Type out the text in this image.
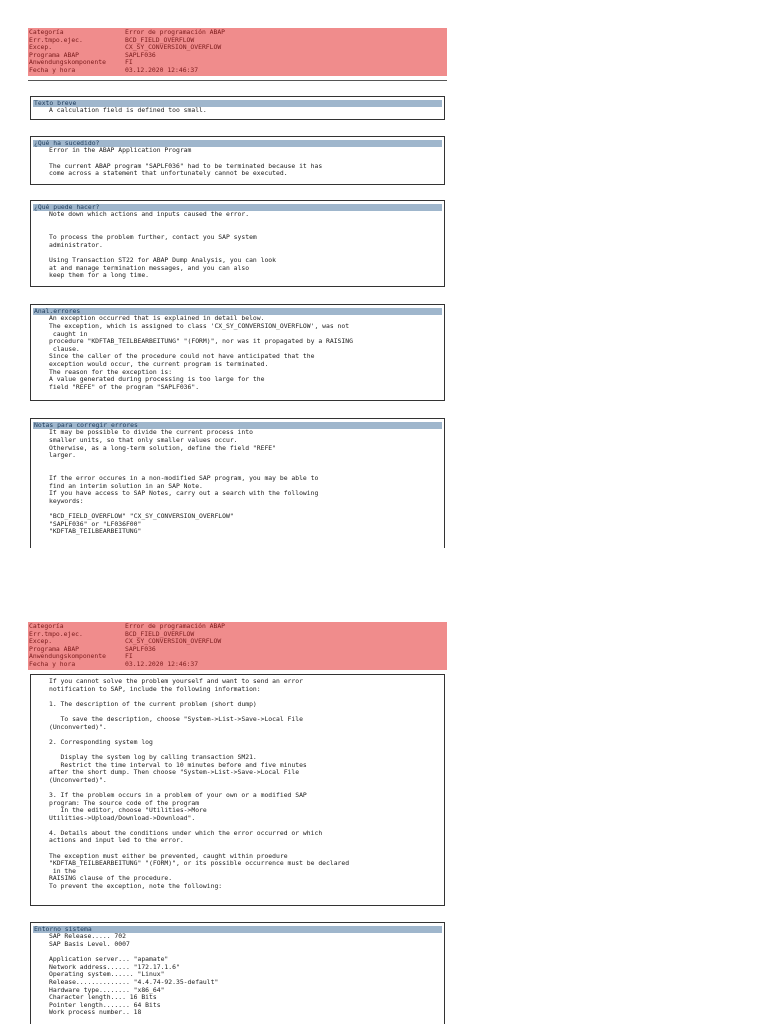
Categoría	Error de programación ABAP
Err.tmpo.ejec.	BCD_FIELD_OVERFLOW
Excep.	CX_SY_CONVERSION_OVERFLOW
Programa ABAP	SAPLF036
Anwendungskomponente	FI
Fecha y hora	03.12.2020 12:46:37
Texto breve
A calculation field is defined too small.
¿Qué ha sucedido?
Error in the ABAP Application Program
The current ABAP program "SAPLF036" had to be terminated because it has
come across a statement that unfortunately cannot be executed.
¿Qué puede hacer?
Note down which actions and inputs caused the error.
To process the problem further, contact you SAP system
administrator.
Using Transaction ST22 for ABAP Dump Analysis, you can look
at and manage termination messages, and you can also
keep them for a long time.
Anal.errores
An exception occurred that is explained in detail below.
The exception, which is assigned to class 'CX_SY_CONVERSION_OVERFLOW', was not
caught in
procedure "KDFTAB_TEILBEARBEITUNG" "(FORM)", nor was it propagated by a RAISING
clause.
Since the caller of the procedure could not have anticipated that the
exception would occur, the current program is terminated.
The reason for the exception is:
A value generated during processing is too large for the
field "REFE" of the program "SAPLF036".
Notas para corregir errores
It may be possible to divide the current process into
smaller units, so that only smaller values occur.
Otherwise, as a long-term solution, define the field "REFE"
larger.
If the error occures in a non-modified SAP program, you may be able to
find an interim solution in an SAP Note.
If you have access to SAP Notes, carry out a search with the following
keywords:
"BCD_FIELD_OVERFLOW" "CX_SY_CONVERSION_OVERFLOW"
"SAPLF036" or "LF036F00"
"KDFTAB_TEILBEARBEITUNG"
Categoría	Error de programación ABAP
Err.tmpo.ejec.	BCD_FIELD_OVERFLOW
Excep.	CX_SY_CONVERSION_OVERFLOW
Programa ABAP	SAPLF036
Anwendungskomponente	FI
Fecha y hora	03.12.2020 12:46:37
If you cannot solve the problem yourself and want to send an error
notification to SAP, include the following information:
1. The description of the current problem (short dump)
To save the description, choose "System->List->Save->Local File
(Unconverted)".
2. Corresponding system log
Display the system log by calling transaction SM21.
Restrict the time interval to 10 minutes before and five minutes
after the short dump. Then choose "System->List->Save->Local File
(Unconverted)".
3. If the problem occurs in a problem of your own or a modified SAP
program: The source code of the program
In the editor, choose "Utilities->More
Utilities->Upload/Download->Download".
4. Details about the conditions under which the error occurred or which
actions and input led to the error.
The exception must either be prevented, caught within proedure
"KDFTAB_TEILBEARBEITUNG" "(FORM)", or its possible occurrence must be declared
in the
RAISING clause of the procedure.
To prevent the exception, note the following:
Entorno sistema
SAP Release..... 702
SAP Basis Level. 0007
Application server... "apamate"
Network address...... "172.17.1.6"
Operating system...... "Linux"
Release.............. "4.4.74-92.35-default"
Hardware type........ "x86_64"
Character length.... 16 Bits
Pointer length....... 64 Bits
Work process number.. 18
